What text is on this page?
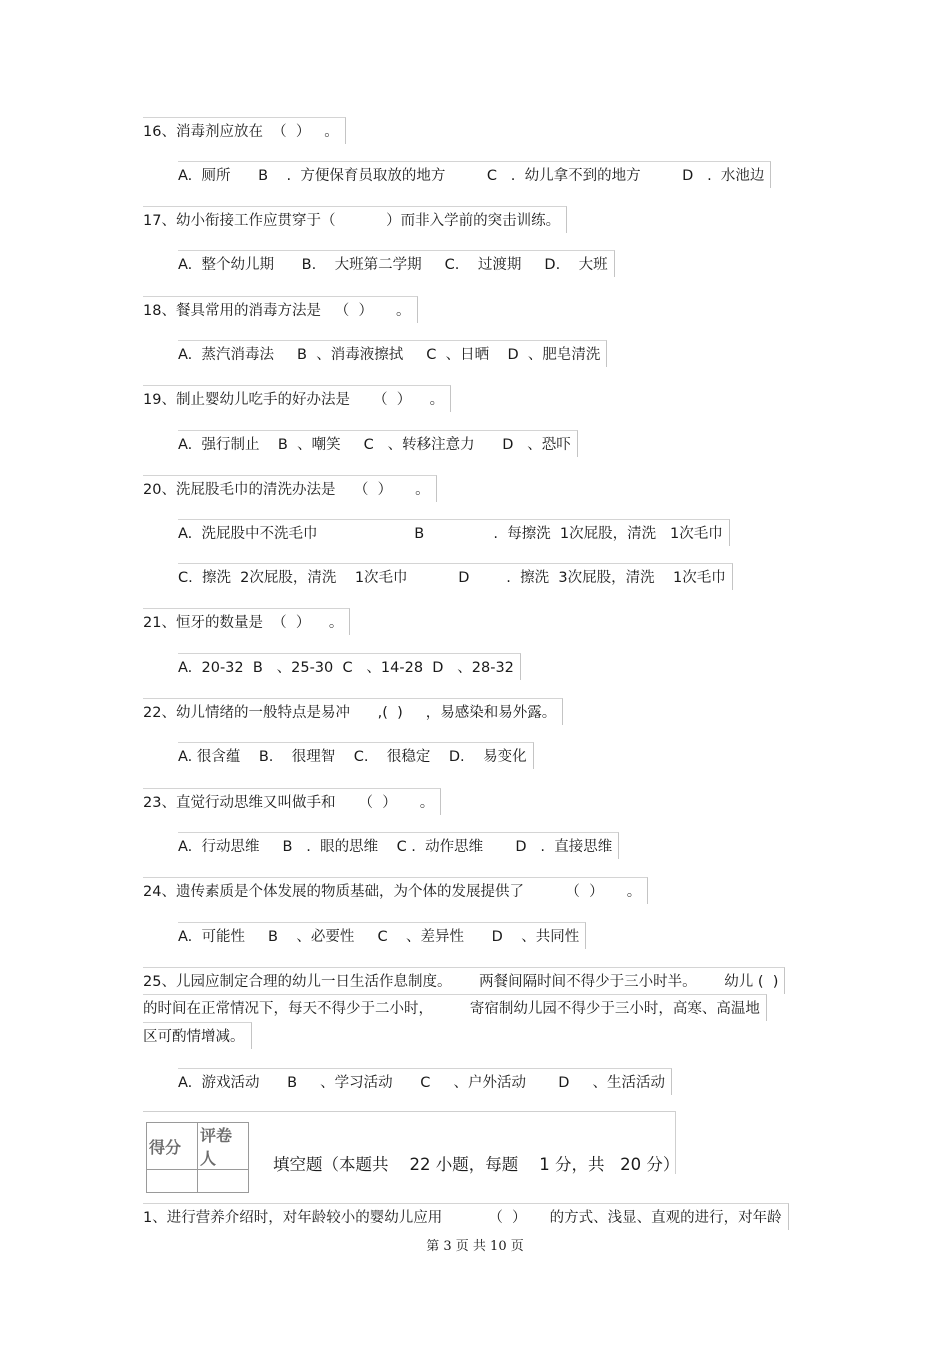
16、消毒剂应放在  （  ）   。
A.  厕所      B    .  方便保育员取放的地方         C   .  幼儿拿不到的地方         D   .  水池边
17、幼小衔接工作应贯穿于（           ）而非入学前的突击训练。
A.  整个幼儿期      B.    大班第二学期     C.    过渡期     D.    大班
18、餐具常用的消毒方法是   （  ）     。
A.  蒸汽消毒法     B  、消毒液擦拭     C  、日晒    D  、肥皂清洗
19、制止婴幼儿吃手的好办法是     （  ）    。
A.  强行制止    B  、嘲笑     C   、转移注意力      D   、恐吓
20、洗屁股毛巾的清洗办法是    （  ）     。
A.  洗屁股中不洗毛巾                     B               .  每擦洗  1次屁股，清洗   1次毛巾
C.  擦洗  2次屁股，清洗    1次毛巾           D        .  擦洗  3次屁股，清洗    1次毛巾
21、恒牙的数量是  （  ）    。
A.  20-32  B   、25-30  C   、14-28  D   、28-32
22、幼儿情绪的一般特点是易冲      ,(  )     ，易感染和易外露。
A. 很含蕴    B.    很理智    C.    很稳定    D.    易变化
23、直觉行动思维又叫做手和     （  ）     。
A.  行动思维     B   .  眼的思维    C .  动作思维       D   .  直接思维
24、遗传素质是个体发展的物质基础，为个体的发展提供了         （  ）     。
A.  可能性     B    、必要性     C    、差异性      D    、共同性
25、儿园应制定合理的幼儿一日生活作息制度。      两餐间隔时间不得少于三小时半。      幼儿 (  )
的时间在正常情况下，每天不得少于二小时，        寄宿制幼儿园不得少于三小时，高寒、高温地
区可酌情增减。
A.  游戏活动      B     、学习活动      C     、户外活动       D     、生活活动
得分	评卷人
		填空题（本题共    22 小题，每题    1 分，共   20 分）
1、进行营养介绍时，对年龄较小的婴幼儿应用          （  ）     的方式、浅显、直观的进行，对年龄
第 3 页 共 10 页
